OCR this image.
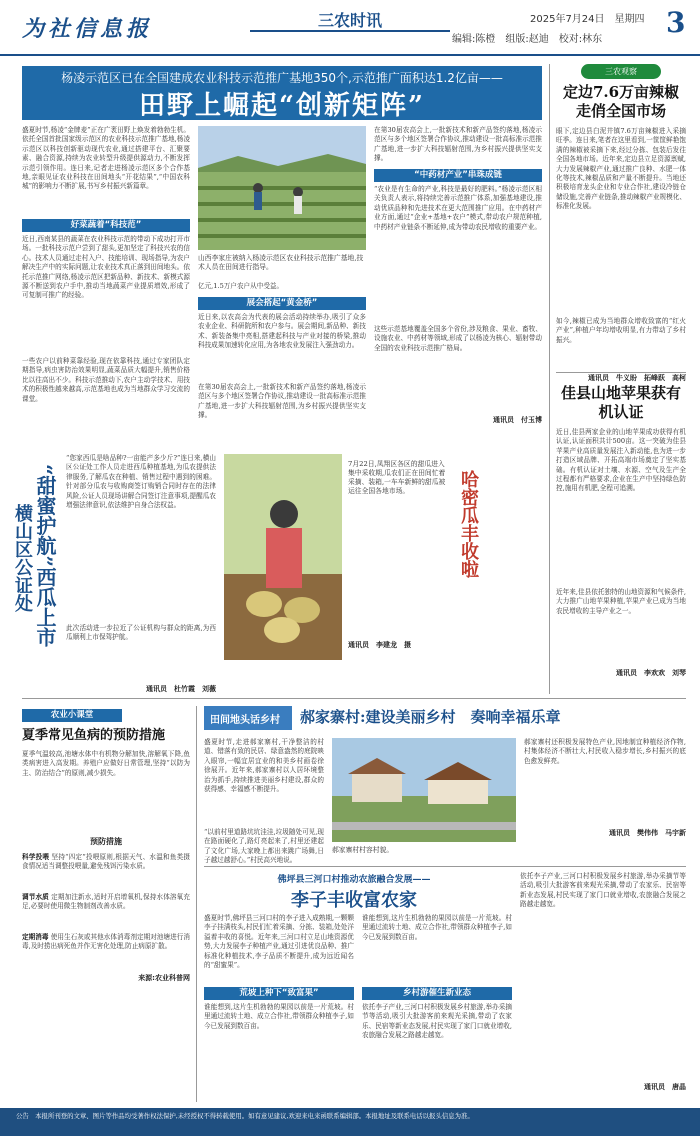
为社信息报	三农时讯	2025年7月24日　星期四
编辑:陈橙　组版:赵迪　校对:林东
3
杨凌示范区已在全国建成农业科技示范推广基地350个,示范推广面积达1.2亿亩——
田野上崛起“创新矩阵”

盛夏时节,杨凌“金牌麦”正在广袤田野上焕发着勃勃生机。依托全国首批国家级示范区的农业科技示范推广基地,杨凌示范区以科技创新驱动现代农业,通过搭建平台、汇聚要素、融合资源,持续为农业转型升级提供源动力,不断发挥示范引领作用。连日来,记者走进杨凌示范区多个合作基地,亲眼见证农业科技在田间地头“开花结果”,“中国农科城”的影响力不断扩展,书写乡村振兴新篇章。

好菜蔬着“科技范”

近日,西南某县的蔬菜在农业科技示范的带动下成功打开市场。一批科技示范户尝到了甜头,更加坚定了科技兴农的信心。技术人员通过走村入户、技能培训、现场指导,为农户解决生产中的实际问题,让农业技术真正落到田间地头。依托示范推广网络,杨凌示范区把新品种、新技术、新模式源源不断送到农户手中,推动当地蔬菜产业提质增效,形成了可复制可推广的经验。

一些农户以前种菜靠经验,现在依靠科技,通过专家团队定期指导,病虫害防治效果明显,蔬菜品质大幅提升,销售价格比以往高出不少。科技示范推动下,农户主动学技术、用技术的积极性越来越高,示范基地也成为当地群众学习交流的课堂。

山西李家庄被纳入杨凌示范区农业科技示范推广基地,技术人员在田间进行指导。

亿元,1.5万户农户从中受益。

展会搭起“黄金桥”

近日来,以农高会为代表的展会活动持续举办,吸引了众多农业企业、科研院所和农户参与。展会期间,新品种、新技术、新装备集中亮相,搭建起科技与产业对接的桥梁,推动科技成果加速转化应用,为各地农业发展注入强劲动力。

在第30届农高会上,一批新技术和新产品签约落地,杨凌示范区与多个地区签署合作协议,推动建设一批高标准示范推广基地,进一步扩大科技辐射范围,为乡村振兴提供坚实支撑。

在第30届农高会上,一批新技术和新产品签约落地,杨凌示范区与多个地区签署合作协议,推动建设一批高标准示范推广基地,进一步扩大科技辐射范围,为乡村振兴提供坚实支撑。

“中药材产业”串珠成链

“农业是有生命的产业,科技是最好的肥料。”杨凌示范区相关负责人表示,将持续完善示范推广体系,加强基地建设,推动优质品种和先进技术在更大范围推广应用。在中药材产业方面,通过“企业+基地+农户”模式,带动农户规范种植,中药材产业链条不断延伸,成为带动农民增收的重要产业。

这些示范基地覆盖全国多个省份,涉及粮食、果业、畜牧、设施农业、中药材等领域,形成了以杨凌为核心、辐射带动全国的农业科技示范推广格局。

通讯员　付玉博
三农观察
定边7.6万亩辣椒走俏全国市场

眼下,定边县白泥井镇7.6万亩辣椒进入采摘旺季。连日来,笔者在这里看到,一筐筐鲜艳饱满的辣椒被采摘下来,经过分拣、包装后发往全国各地市场。近年来,定边县立足资源禀赋,大力发展辣椒产业,通过推广良种、水肥一体化等技术,辣椒品质和产量不断提升。当地还积极培育龙头企业和专业合作社,建设冷链仓储设施,完善产业链条,推动辣椒产业规模化、标准化发展。

如今,辣椒已成为当地群众增收致富的“红火产业”,种植户年均增收明显,有力带动了乡村振兴。

通讯员　牛义盼　拓峰跃　高柯
佳县山地苹果获有机认证

近日,佳县两家企业的山地苹果成功获得有机认证,认证面积共计500亩。这一突破为佳县苹果产业高质量发展注入新动能,也为进一步打造区域品牌、开拓高端市场奠定了坚实基础。有机认证对土壤、水源、空气及生产全过程都有严格要求,企业在生产中坚持绿色防控,施用有机肥,全程可追溯。

近年来,佳县依托独特的山地资源和气候条件,大力推广山地苹果种植,苹果产业已成为当地农民增收的主导产业之一。

通讯员　李欢欢　刘琴
“甜蜜护航”西瓜上市
横山区公证处

“您家西瓜是啥品种?一亩能产多少斤?”连日来,横山区公证处工作人员走进西瓜种植基地,为瓜农提供法律服务,了解瓜农在种植、销售过程中遇到的困难。针对部分瓜农与收购商签订购销合同时存在的法律风险,公证人员现场讲解合同签订注意事项,提醒瓜农增强法律意识,依法维护自身合法权益。

此次活动进一步拉近了公证机构与群众的距离,为西瓜顺利上市保驾护航。

通讯员　杜竹霞　刘薇

7月22日,凤翔区各区的甜瓜进入集中采收期,瓜农们正在田间忙着采摘、装箱,一车车新鲜的甜瓜被运往全国各地市场。

通讯员　李建龙　摄
哈密瓜丰收啦
农业小课堂
夏季常见鱼病的预防措施

夏季气温较高,池塘水体中有机物分解加快,溶解氧下降,鱼类病害进入高发期。养殖户应做好日常管理,坚持“以防为主、防治结合”的原则,减少损失。

预防措施

科学投喂 坚持“四定”投喂原则,根据天气、水温和鱼类摄食情况适当调整投喂量,避免残饵污染水质。

调节水质 定期加注新水,适时开启增氧机,保持水体溶氧充足,必要时使用微生物制剂改善水质。

定期消毒 使用生石灰或其他水体消毒剂定期对池塘进行消毒,及时捞出病死鱼并作无害化处理,防止病原扩散。

来源:农业科普网
田间地头话乡村 郝家寨村:建设美丽乡村　奏响幸福乐章

盛夏时节,走进郝家寨村,干净整洁的村道、错落有致的民居、绿意盎然的庭院映入眼帘,一幅宜居宜业的和美乡村画卷徐徐展开。近年来,郝家寨村以人居环境整治为抓手,持续推进美丽乡村建设,群众的获得感、幸福感不断提升。

“以前村里道路坑坑洼洼,垃圾随处可见,现在路面硬化了,路灯亮起来了,村里还建起了文化广场,大家晚上都出来跳广场舞,日子越过越舒心。”村民高兴地说。

郝家寨村村容村貌。

郝家寨村还积极发展特色产业,因地制宜种植经济作物,村集体经济不断壮大,村民收入稳步增长,乡村振兴的底色愈发鲜亮。

通讯员　樊伟伟　马宇新
佛坪县三河口村推动农旅融合发展——
李子丰收富农家

盛夏时节,佛坪县三河口村的李子进入成熟期,一颗颗李子挂满枝头,村民们忙着采摘、分拣、装箱,处处洋溢着丰收的喜悦。近年来,三河口村立足山地资源优势,大力发展李子种植产业,通过引进优良品种、推广标准化种植技术,李子品质不断提升,成为远近闻名的“甜蜜果”。

荒坡上种下“致富果”

谁能想到,这片生机勃勃的果园以前是一片荒坡。村里通过流转土地、成立合作社,带领群众种植李子,如今已发展到数百亩。

谁能想到,这片生机勃勃的果园以前是一片荒坡。村里通过流转土地、成立合作社,带领群众种植李子,如今已发展到数百亩。

乡村游催生新业态

依托李子产业,三河口村积极发展乡村旅游,举办采摘节等活动,吸引大批游客前来观光采摘,带动了农家乐、民宿等新业态发展,村民实现了家门口就业增收,农旅融合发展之路越走越宽。

依托李子产业,三河口村积极发展乡村旅游,举办采摘节等活动,吸引大批游客前来观光采摘,带动了农家乐、民宿等新业态发展,村民实现了家门口就业增收,农旅融合发展之路越走越宽。

通讯员　唐晶
公告　本报所刊登的文章、图片等作品均受著作权法保护,未经授权不得转载使用。如有意见建议,欢迎来电来函联系编辑部。本报地址及联系电话以报头信息为准。
